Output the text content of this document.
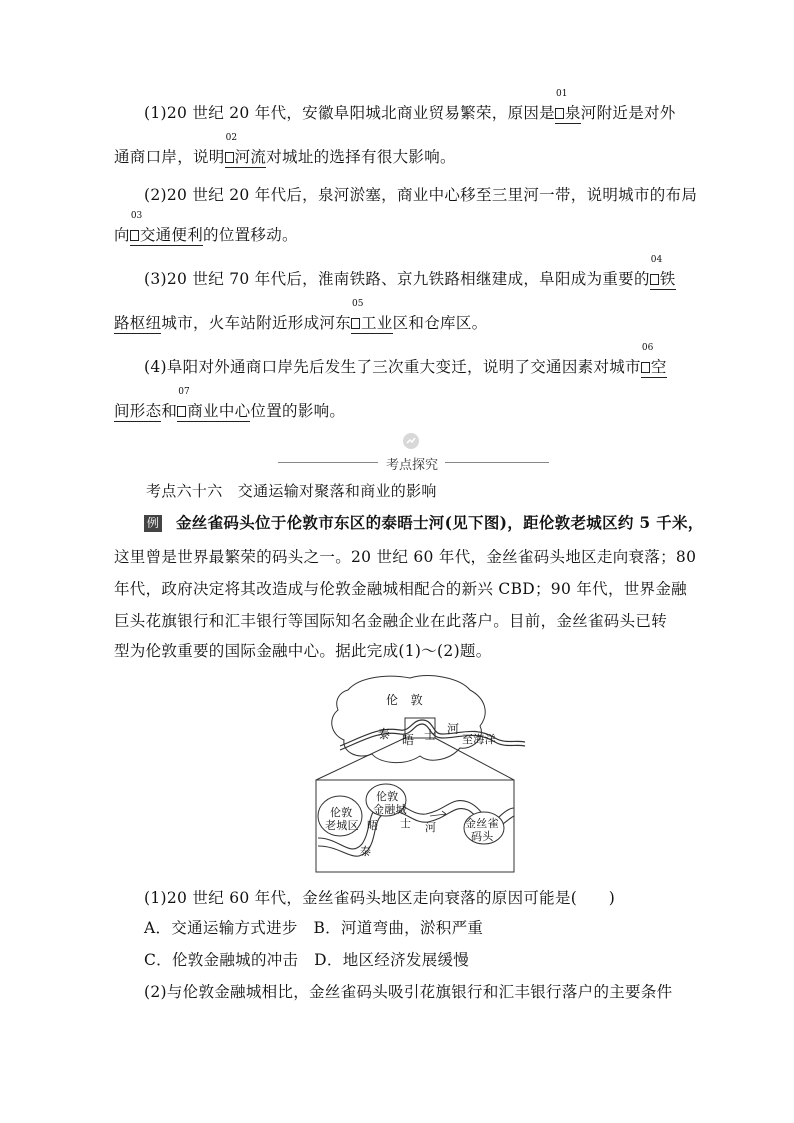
(1)20 世纪 20 年代，安徽阜阳城北商业贸易繁荣，原因是
01
泉河附近是对外
通商口岸，说明
02
河流对城址的选择有很大影响。
(2)20 世纪 20 年代后，泉河淤塞，商业中心移至三里河一带，说明城市的布局
向
03
交通便利的位置移动。
(3)20 世纪 70 年代后，淮南铁路、京九铁路相继建成，阜阳成为重要的
04
铁
路枢纽城市，火车站附近形成河东
05
工业区和仓库区。
(4)阜阳对外通商口岸先后发生了三次重大变迁，说明了交通因素对城市
06
空
间形态和
07
商业中心位置的影响。
考点探究
考点六十六　交通运输对聚落和商业的影响
例 金丝雀码头位于伦敦市东区的泰晤士河(见下图)，距伦敦老城区约 5 千米，
这里曾是世界最繁荣的码头之一。20 世纪 60 年代，金丝雀码头地区走向衰落；80
年代，政府决定将其改造成与伦敦金融城相配合的新兴 CBD；90 年代，世界金融
巨头花旗银行和汇丰银行等国际知名金融企业在此落户。目前，金丝雀码头已转
型为伦敦重要的国际金融中心。据此完成(1)～(2)题。
伦　敦
泰 晤 士 河
至海洋
伦敦
老城区
伦敦
金融城
金丝雀
码头
晤 士 河
泰
(1)20 世纪 60 年代，金丝雀码头地区走向衰落的原因可能是(　　)
A．交通运输方式进步　B．河道弯曲，淤积严重
C．伦敦金融城的冲击　D．地区经济发展缓慢
(2)与伦敦金融城相比，金丝雀码头吸引花旗银行和汇丰银行落户的主要条件
